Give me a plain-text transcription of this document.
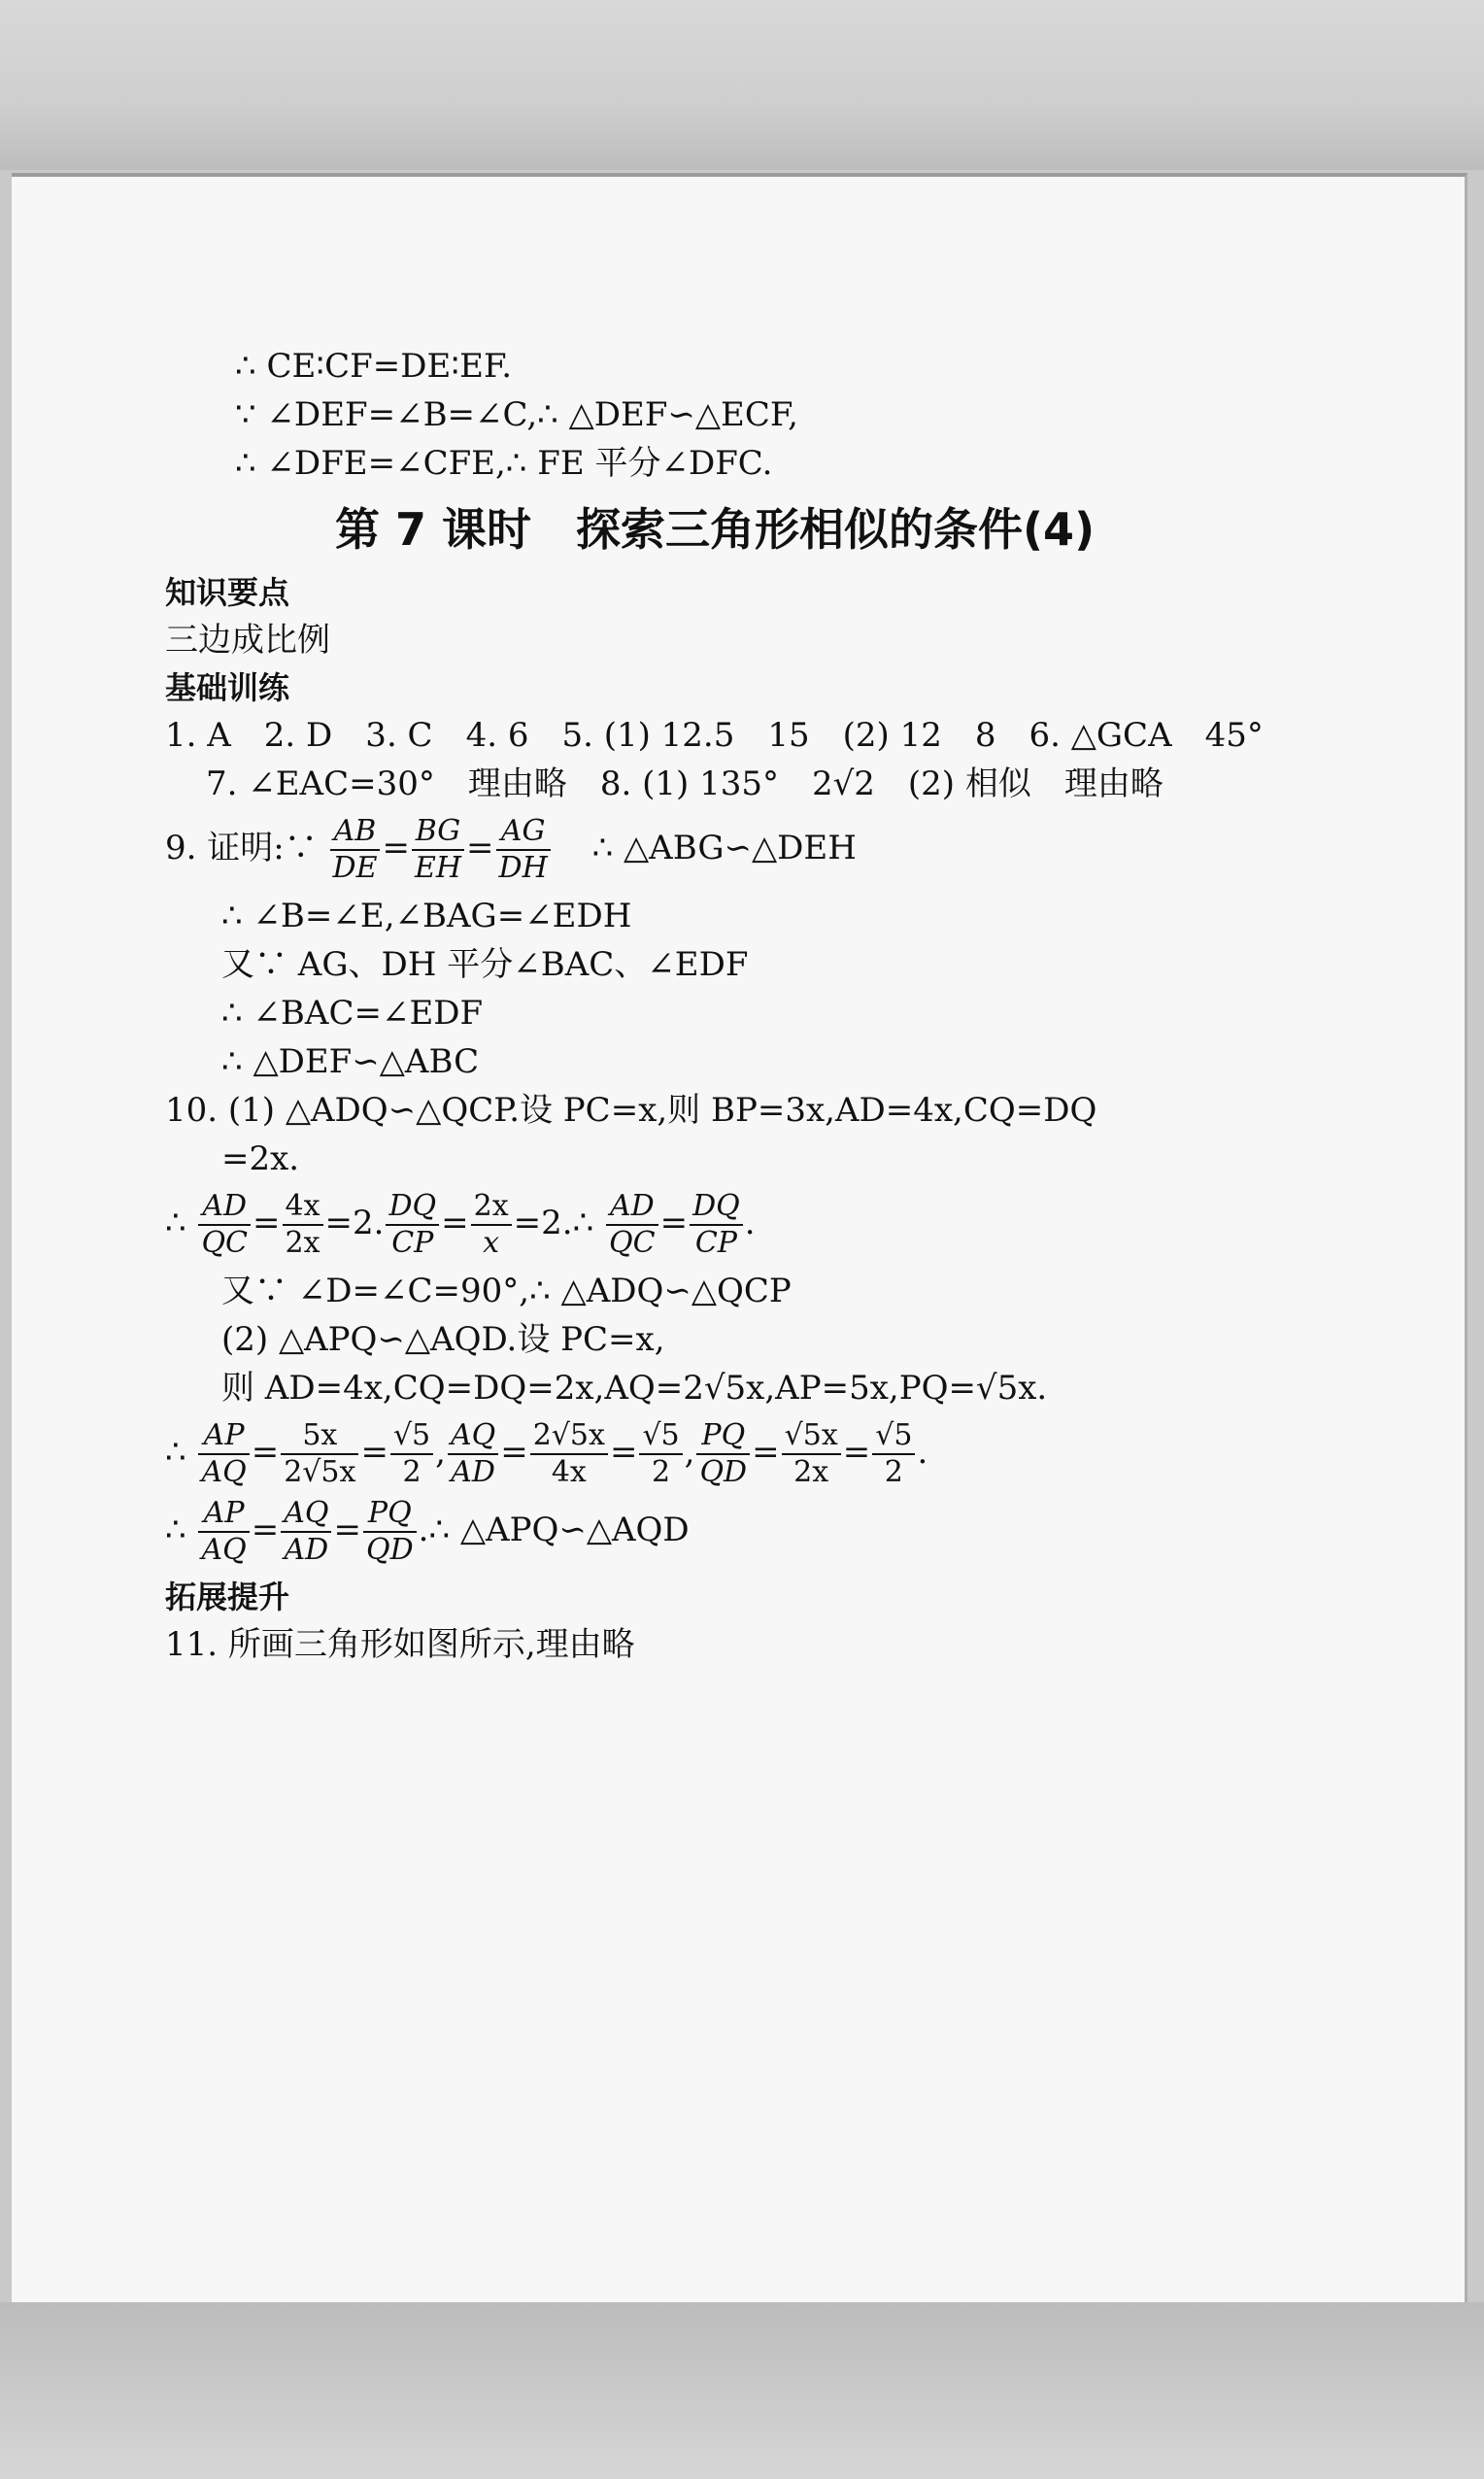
∴ CE∶CF=DE∶EF.
∵ ∠DEF=∠B=∠C,∴ △DEF∽△ECF,
∴ ∠DFE=∠CFE,∴ FE 平分∠DFC.
第 7 课时　探索三角形相似的条件(4)
知识要点
三边成比例
基础训练
1. A　2. D　3. C　4. 6　5. (1) 12.5　15　(2) 12　8　6. △GCA　45°
7. ∠EAC=30°　理由略　8. (1) 135°　2√2　(2) 相似　理由略
9. 证明:∵ $\frac{AB}{DE} = \frac{BG}{EH} = \frac{AG}{DH}$ ∴ △ABG∽△DEH
∴ ∠B=∠E,∠BAG=∠EDH
又∵ AG、DH 平分∠BAC、∠EDF
∴ ∠BAC=∠EDF
∴ △DEF∽△ABC
10. (1) △ADQ∽△QCP.设 PC=x,则 BP=3x,AD=4x,CQ=DQ
=2x.
∴ $\frac{AD}{QC} = \frac{4x}{2x} =2$. $\frac{DQ}{CP} = \frac{2x}{x}$ =2.∴ $\frac{AD}{QC} = \frac{DQ}{CP}$ .
又∵ ∠D=∠C=90°,∴ △ADQ∽△QCP
(2) △APQ∽△AQD.设 PC=x,
则 AD=4x,CQ=DQ=2x,AQ=2√5x,AP=5x,PQ=√5x.
∴ $\frac{AP}{AQ} = \frac{5x}{2√5x} = \frac{√5}{2}$ , $\frac{AQ}{AD} = \frac{2√5x}{4x} = \frac{√5}{2}$ , $\frac{PQ}{QD} = \frac{√5x}{2x} = \frac{√5}{2}$ .
∴ $\frac{AP}{AQ} = \frac{AQ}{AD} = \frac{PQ}{QD}$ .∴ △APQ∽△AQD
拓展提升
11. 所画三角形如图所示,理由略
